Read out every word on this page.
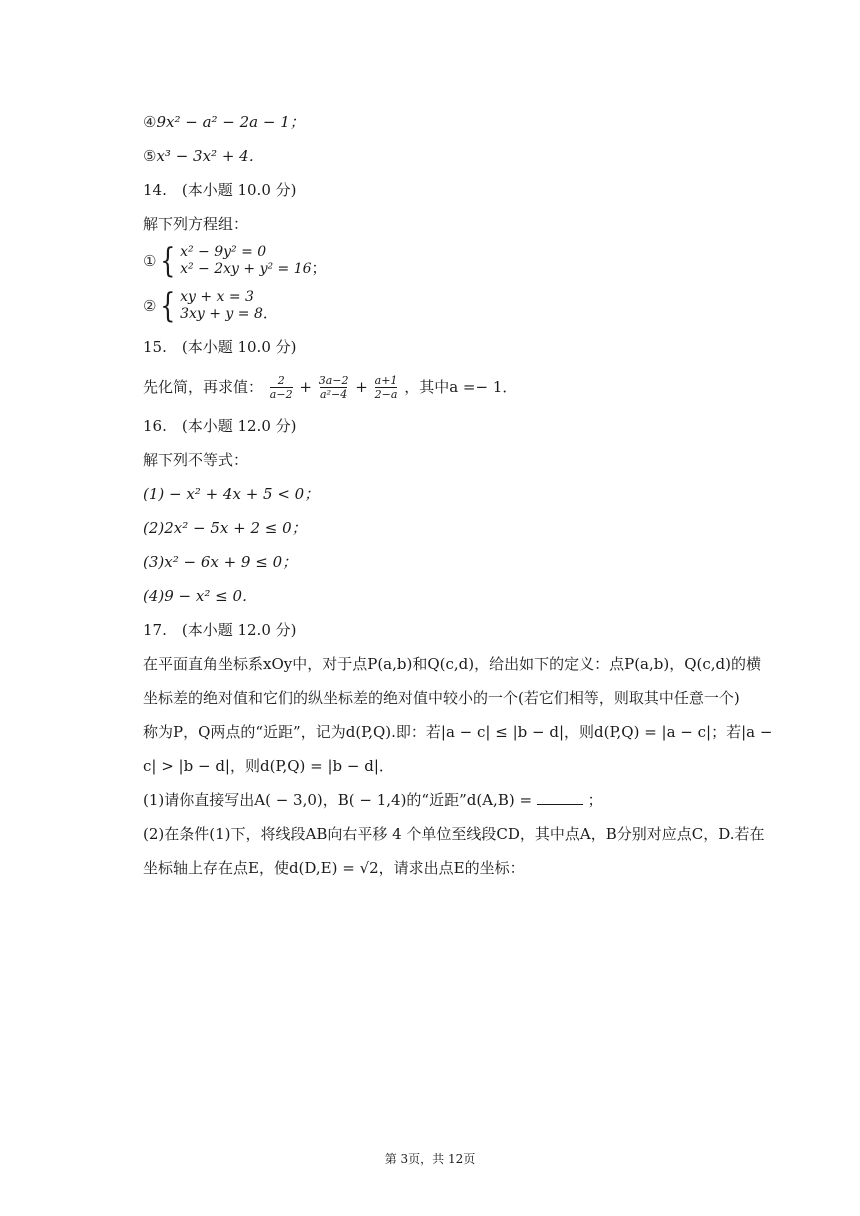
④9x² − a² − 2a − 1；
⑤x³ − 3x² + 4．
14.　(本小题 10.0 分)
解下列方程组：
① { x² − 9y² = 0
x² − 2xy + y² = 16 ；
② { xy + x = 3
3xy + y = 8 ．
15.　(本小题 10.0 分)
先化简，再求值： $\frac{2}{a-2} + \frac{3a-2}{\text{a²−4}} + \frac{a+1}{2-a}$ ，其中a =− 1．
16.　(本小题 12.0 分)
解下列不等式：
(1) − x² + 4x + 5 < 0；
(2)2x² − 5x + 2 ≤ 0；
(3)x² − 6x + 9 ≤ 0；
(4)9 − x² ≤ 0．
17.　(本小题 12.0 分)
在平面直角坐标系xOy中，对于点P(a,b)和Q(c,d)，给出如下的定义：点P(a,b)，Q(c,d)的横
坐标差的绝对值和它们的纵坐标差的绝对值中较小的一个(若它们相等，则取其中任意一个)
称为P，Q两点的“近距”，记为d(P,Q).即：若|a − c| ≤ |b − d|，则d(P,Q) = |a − c|；若|a −
c| > |b − d|，则d(P,Q) = |b − d|．
(1)请你直接写出A( − 3,0)，B( − 1,4)的“近距”d(A,B) =	；
(2)在条件(1)下，将线段AB向右平移 4 个单位至线段CD，其中点A，B分别对应点C，D.若在
坐标轴上存在点E，使d(D,E) = √2，请求出点E的坐标：
第 3页，共 12页
